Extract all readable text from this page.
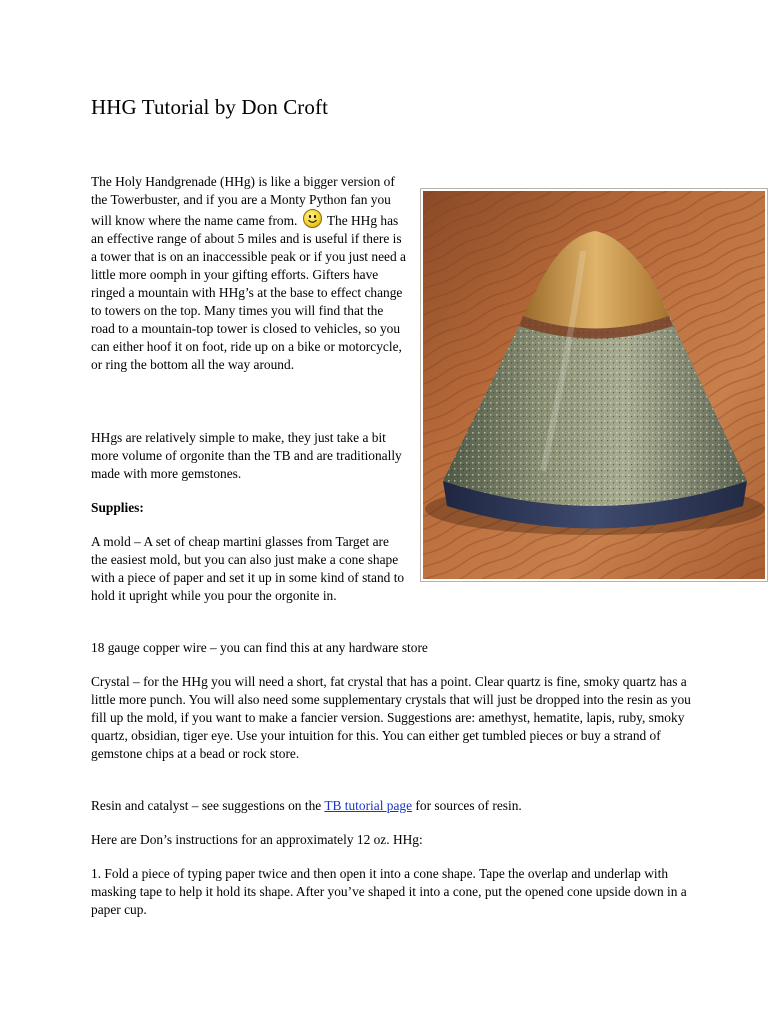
HHG Tutorial by Don Croft

The Holy Handgrenade (HHg) is like a bigger version of the Towerbuster, and if you are a Monty Python fan you will know where the name came from. The HHg has an effective range of about 5 miles and is useful if there is a tower that is on an inaccessible peak or if you just need a little more oomph in your gifting efforts. Gifters have ringed a mountain with HHg’s at the base to effect change to towers on the top. Many times you will find that the road to a mountain-top tower is closed to vehicles, so you can either hoof it on foot, ride up on a bike or motorcycle, or ring the bottom all the way around.

HHgs are relatively simple to make, they just take a bit more volume of orgonite than the TB and are traditionally made with more gemstones.

Supplies:

A mold – A set of cheap martini glasses from Target are the easiest mold, but you can also just make a cone shape with a piece of paper and set it up in some kind of stand to hold it upright while you pour the orgonite in.

18 gauge copper wire – you can find this at any hardware store

Crystal – for the HHg you will need a short, fat crystal that has a point. Clear quartz is fine, smoky quartz has a little more punch. You will also need some supplementary crystals that will just be dropped into the resin as you fill up the mold, if you want to make a fancier version. Suggestions are: amethyst, hematite, lapis, ruby, smoky quartz, obsidian, tiger eye. Use your intuition for this. You can either get tumbled pieces or buy a strand of gemstone chips at a bead or rock store.

Resin and catalyst – see suggestions on the TB tutorial page for sources of resin.

Here are Don’s instructions for an approximately 12 oz. HHg:

1. Fold a piece of typing paper twice and then open it into a cone shape. Tape the overlap and underlap with masking tape to help it hold its shape. After you’ve shaped it into a cone, put the opened cone upside down in a paper cup.
